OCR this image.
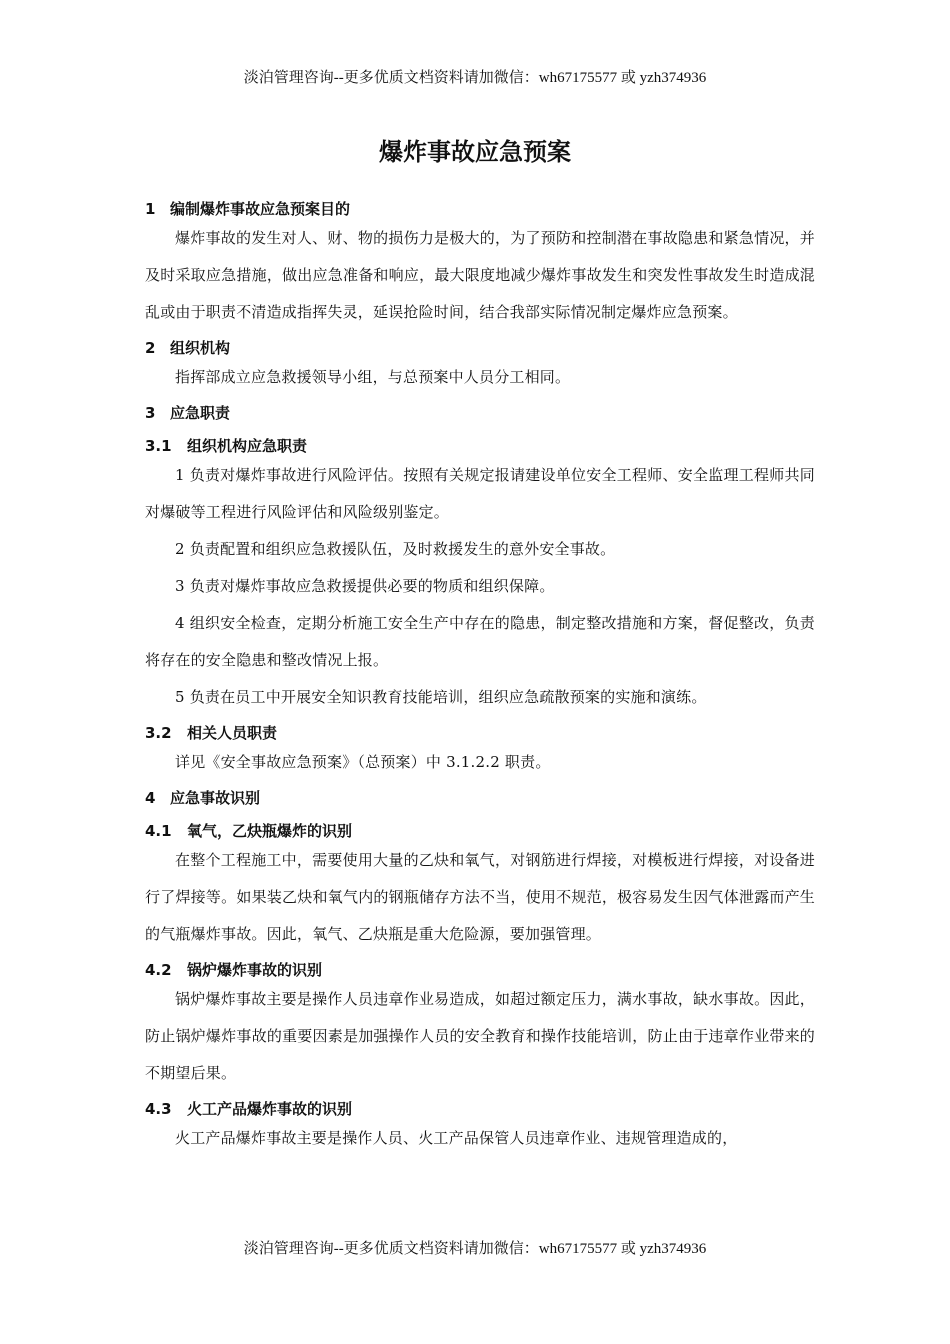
淡泊管理咨询--更多优质文档资料请加微信：wh67175577 或 yzh374936
爆炸事故应急预案
1 编制爆炸事故应急预案目的

爆炸事故的发生对人、财、物的损伤力是极大的，为了预防和控制潜在事故隐患和紧急情况，并及时采取应急措施，做出应急准备和响应，最大限度地减少爆炸事故发生和突发性事故发生时造成混乱或由于职责不清造成指挥失灵，延误抢险时间，结合我部实际情况制定爆炸应急预案。

2 组织机构

指挥部成立应急救援领导小组，与总预案中人员分工相同。

3 应急职责
3.1 组织机构应急职责

1 负责对爆炸事故进行风险评估。按照有关规定报请建设单位安全工程师、安全监理工程师共同对爆破等工程进行风险评估和风险级别鉴定。

2 负责配置和组织应急救援队伍，及时救援发生的意外安全事故。

3 负责对爆炸事故应急救援提供必要的物质和组织保障。

4 组织安全检查，定期分析施工安全生产中存在的隐患，制定整改措施和方案，督促整改，负责将存在的安全隐患和整改情况上报。

5 负责在员工中开展安全知识教育技能培训，组织应急疏散预案的实施和演练。

3.2 相关人员职责

详见《安全事故应急预案》（总预案）中 3.1.2.2 职责。

4 应急事故识别
4.1 氧气，乙炔瓶爆炸的识别

在整个工程施工中，需要使用大量的乙炔和氧气，对钢筋进行焊接，对模板进行焊接，对设备进行了焊接等。如果装乙炔和氧气内的钢瓶储存方法不当，使用不规范，极容易发生因气体泄露而产生的气瓶爆炸事故。因此，氧气、乙炔瓶是重大危险源，要加强管理。

4.2 锅炉爆炸事故的识别

锅炉爆炸事故主要是操作人员违章作业易造成，如超过额定压力，满水事故，缺水事故。因此，防止锅炉爆炸事故的重要因素是加强操作人员的安全教育和操作技能培训，防止由于违章作业带来的不期望后果。

4.3 火工产品爆炸事故的识别

火工产品爆炸事故主要是操作人员、火工产品保管人员违章作业、违规管理造成的，

淡泊管理咨询--更多优质文档资料请加微信：wh67175577 或 yzh374936
